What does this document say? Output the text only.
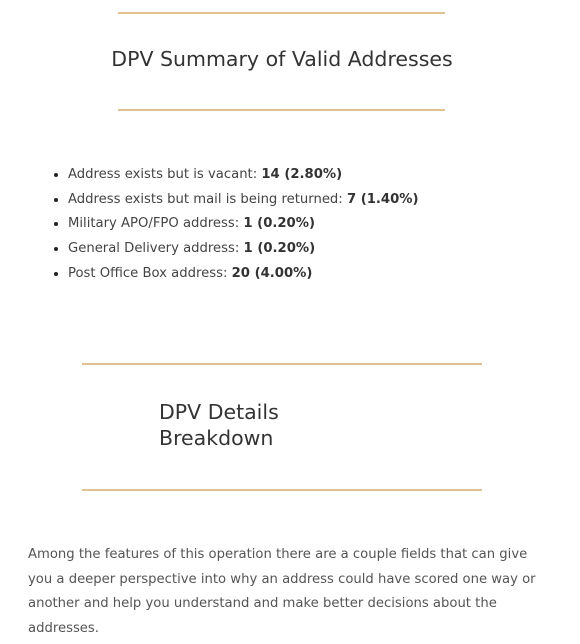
DPV Summary of Valid Addresses
• Address exists but is vacant: 14 (2.80%)
• Address exists but mail is being returned: 7 (1.40%)
• Military APO/FPO address: 1 (0.20%)
• General Delivery address: 1 (0.20%)
• Post Office Box address: 20 (4.00%)
DPV Details
Breakdown

Among the features of this operation there are a couple fields that can give you a deeper perspective into why an address could have scored one way or another and help you understand and make better decisions about the addresses.
